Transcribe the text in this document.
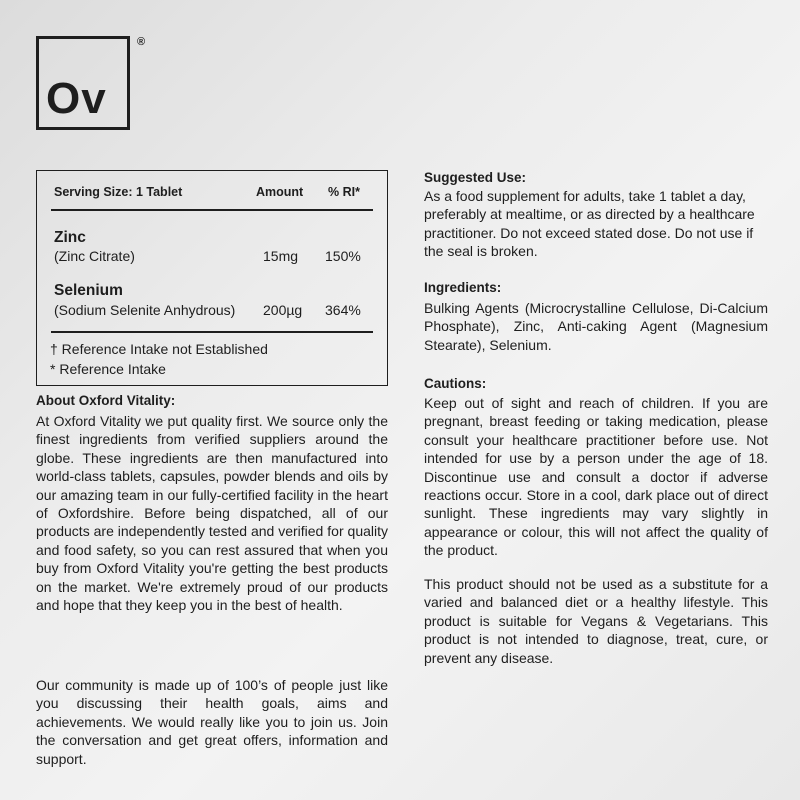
Ov
®
Serving Size: 1 Tablet	Amount % RI*
Zinc
(Zinc Citrate)	15mg 150%
Selenium
(Sodium Selenite Anhydrous) 200µg 364%
† Reference Intake not Established
* Reference Intake
About Oxford Vitality:

At Oxford Vitality we put quality first. We source only the finest ingredients from verified suppliers around the globe. These ingredients are then manufactured into world-class tablets, capsules, powder blends and oils by our amazing team in our fully-certified facility in the heart of Oxfordshire. Before being dispatched, all of our products are independently tested and verified for quality and food safety, so you can rest assured that when you buy from Oxford Vitality you're getting the best products on the market. We're extremely proud of our products and hope that they keep you in the best of health.

Our community is made up of 100’s of people just like you discussing their health goals, aims and achievements. We would really like you to join us. Join the conversation and get great offers, information and support.

Suggested Use:

As a food supplement for adults, take 1 tablet a day, preferably at mealtime, or as directed by a healthcare practitioner. Do not exceed stated dose. Do not use if the seal is broken.

Ingredients:

Bulking Agents (Microcrystalline Cellulose, Di-Calcium Phosphate), Zinc, Anti-caking Agent (Magnesium Stearate), Selenium.

Cautions:

Keep out of sight and reach of children. If you are pregnant, breast feeding or taking medication, please consult your healthcare practitioner before use. Not intended for use by a person under the age of 18. Discontinue use and consult a doctor if adverse reactions occur. Store in a cool, dark place out of direct sunlight. These ingredients may vary slightly in appearance or colour, this will not affect the quality of the product.

This product should not be used as a substitute for a varied and balanced diet or a healthy lifestyle. This product is suitable for Vegans & Vegetarians. This product is not intended to diagnose, treat, cure, or prevent any disease.
